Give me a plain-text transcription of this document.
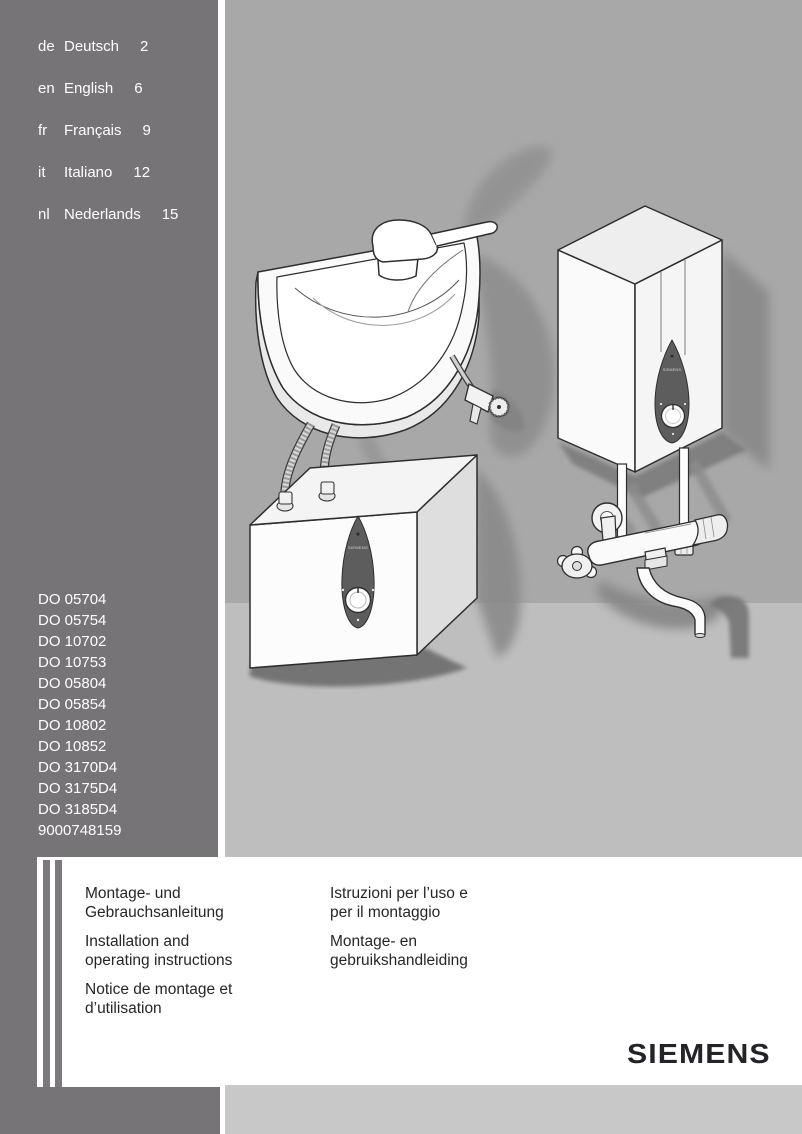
de Deutsch 2
en English 6
fr	Français 9
it	Italiano 12
nl Nederlands 15
DO 05704
DO 05754
DO 10702
DO 10753
DO 05804
DO 05854
DO 10802
DO 10852
DO 3170D4
DO 3175D4
DO 3185D4
9000748159
SIEMENS
SIEMENS

Montage- und
Gebrauchsanleitung

Installation and
operating instructions

Notice de montage et
d’utilisation

Istruzioni per l’uso e
per il montaggio

Montage- en
gebruikshandleiding

SIEMENS
